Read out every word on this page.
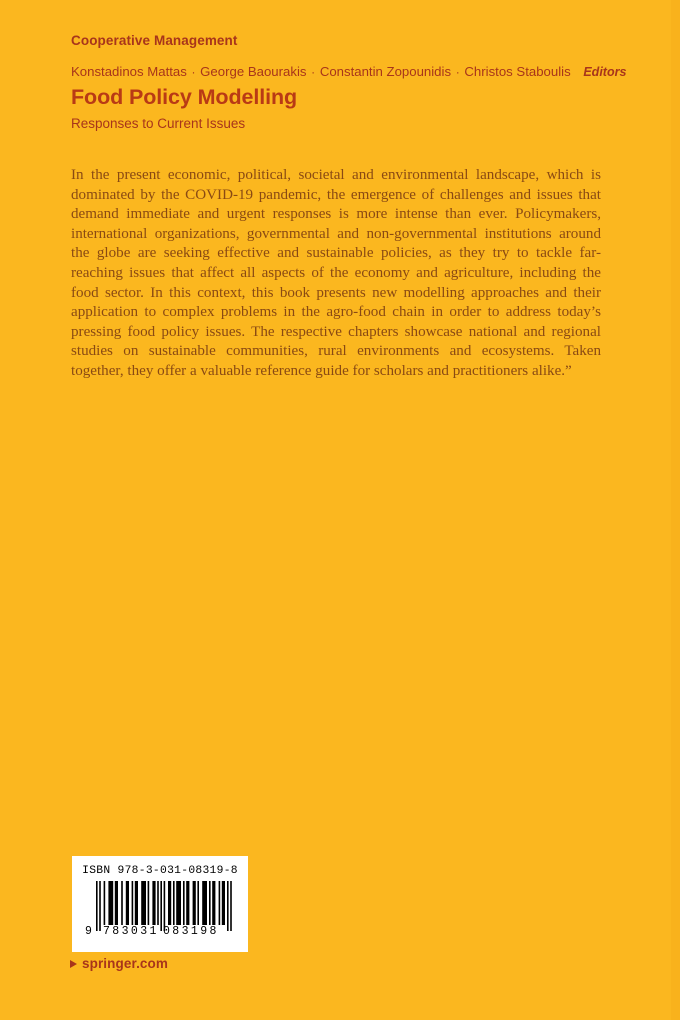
Cooperative Management
Konstadinos Mattas · George Baourakis · Constantin Zopounidis · Christos Staboulis Editors
Food Policy Modelling
Responses to Current Issues

In the present economic, political, societal and environmental landscape, which is dominated by the COVID-19 pandemic, the emergence of challenges and issues that demand immediate and urgent responses is more intense than ever. Policymakers, international organizations, governmental and non-governmental institutions around the globe are seeking effective and sustainable policies, as they try to tackle far-reaching issues that affect all aspects of the economy and agriculture, including the food sector. In this context, this book presents new modelling approaches and their application to complex problems in the agro-food chain in order to address today’s pressing food policy issues. The respective chapters showcase national and regional studies on sustainable communities, rural environments and ecosystems. Taken together, they offer a valuable reference guide for scholars and practitioners alike.”

ISBN 978-3-031-08319-8
9 783031 083198
springer.com
